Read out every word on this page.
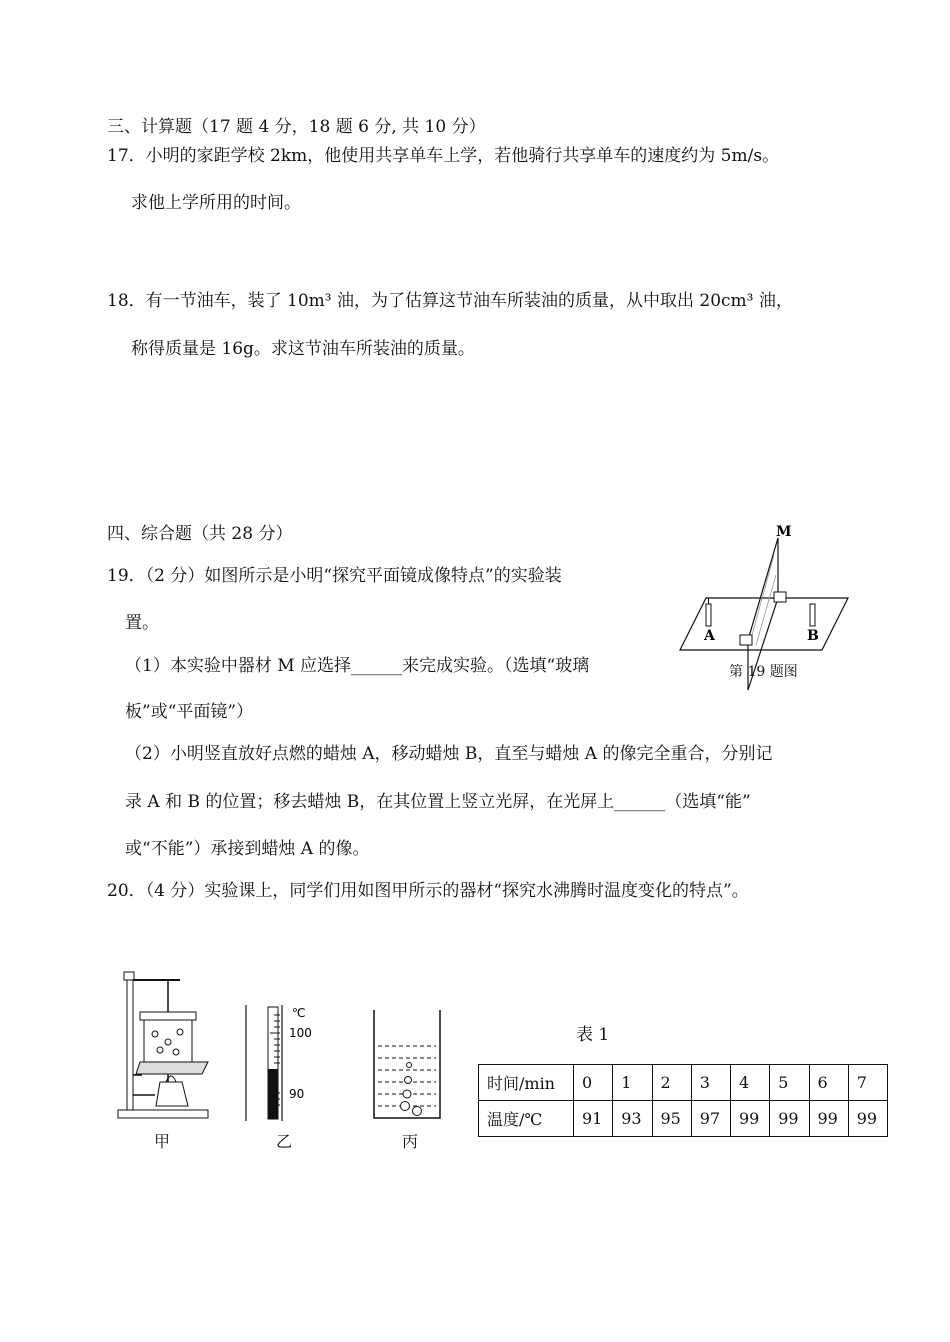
三、计算题（17 题 4 分，18 题 6 分, 共 10 分）
17．小明的家距学校 2km，他使用共享单车上学，若他骑行共享单车的速度约为 5m/s。
求他上学所用的时间。
18．有一节油车，装了 10m³ 油，为了估算这节油车所装油的质量，从中取出 20cm³ 油，
称得质量是 16g。求这节油车所装油的质量。
四、综合题（共 28 分）
19．（2 分）如图所示是小明“探究平面镜成像特点”的实验装
置。
（1）本实验中器材 M 应选择______来完成实验。（选填“玻璃
板”或“平面镜”）
（2）小明竖直放好点燃的蜡烛 A，移动蜡烛 B，直至与蜡烛 A 的像完全重合，分别记
录 A 和 B 的位置；移去蜡烛 B，在其位置上竖立光屏，在光屏上______（选填“能”
或“不能”）承接到蜡烛 A 的像。
20．（4 分）实验课上，同学们用如图甲所示的器材“探究水沸腾时温度变化的特点”。
M
A	B
第 19 题图
甲
℃
100
90
乙	丙
表 1
时间/min	0	1	2	3	4	5	6	7
温度/℃	91	93	95	97	99	99	99	99
